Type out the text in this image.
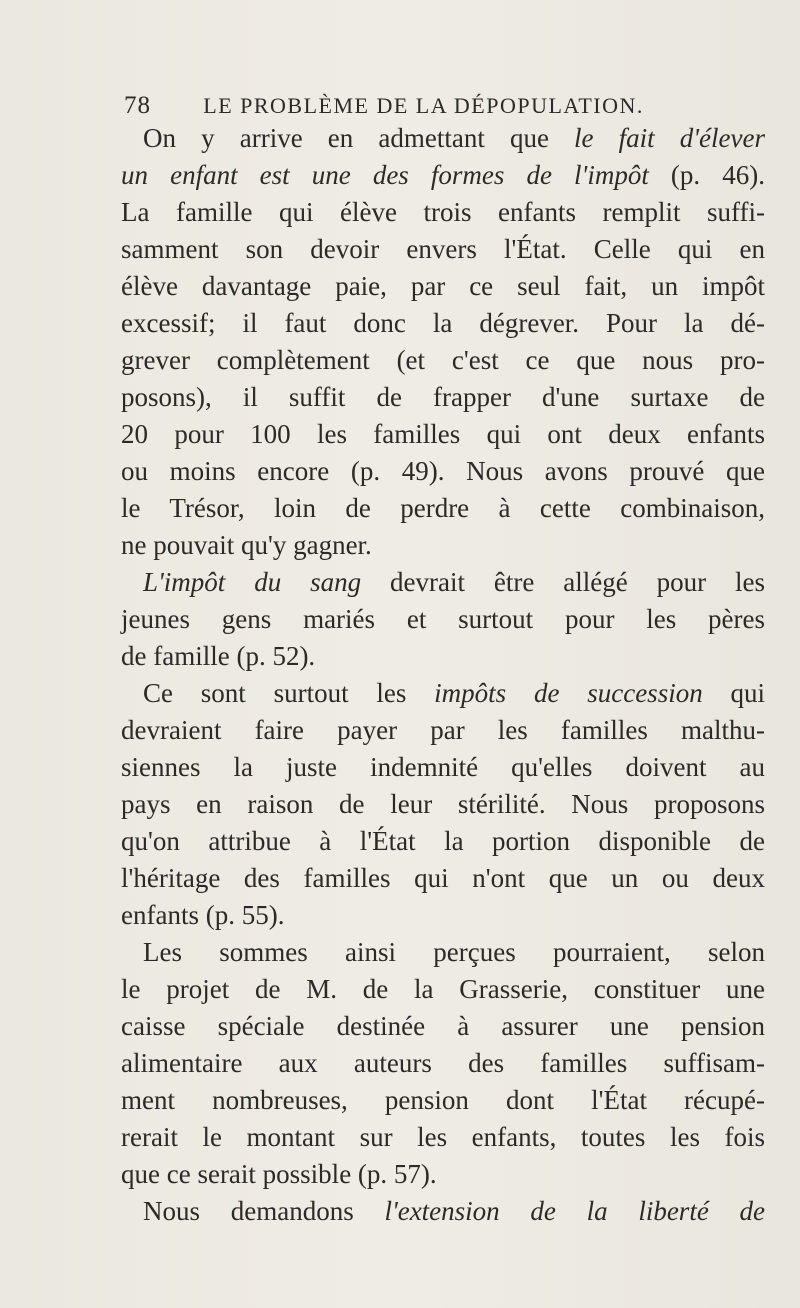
78 LE PROBLÈME DE LA DÉPOPULATION.
On y arrive en admettant que le fait d'élever
un enfant est une des formes de l'impôt (p. 46).
La famille qui élève trois enfants remplit suffi-
samment son devoir envers l'État. Celle qui en
élève davantage paie, par ce seul fait, un impôt
excessif; il faut donc la dégrever. Pour la dé-
grever complètement (et c'est ce que nous pro-
posons), il suffit de frapper d'une surtaxe de
20 pour 100 les familles qui ont deux enfants
ou moins encore (p. 49). Nous avons prouvé que
le Trésor, loin de perdre à cette combinaison,
ne pouvait qu'y gagner.
L'impôt du sang devrait être allégé pour les
jeunes gens mariés et surtout pour les pères
de famille (p. 52).
Ce sont surtout les impôts de succession qui
devraient faire payer par les familles malthu-
siennes la juste indemnité qu'elles doivent au
pays en raison de leur stérilité. Nous proposons
qu'on attribue à l'État la portion disponible de
l'héritage des familles qui n'ont que un ou deux
enfants (p. 55).
Les sommes ainsi perçues pourraient, selon
le projet de M. de la Grasserie, constituer une
caisse spéciale destinée à assurer une pension
alimentaire aux auteurs des familles suffisam-
ment nombreuses, pension dont l'État récupé-
rerait le montant sur les enfants, toutes les fois
que ce serait possible (p. 57).
Nous demandons l'extension de la liberté de
